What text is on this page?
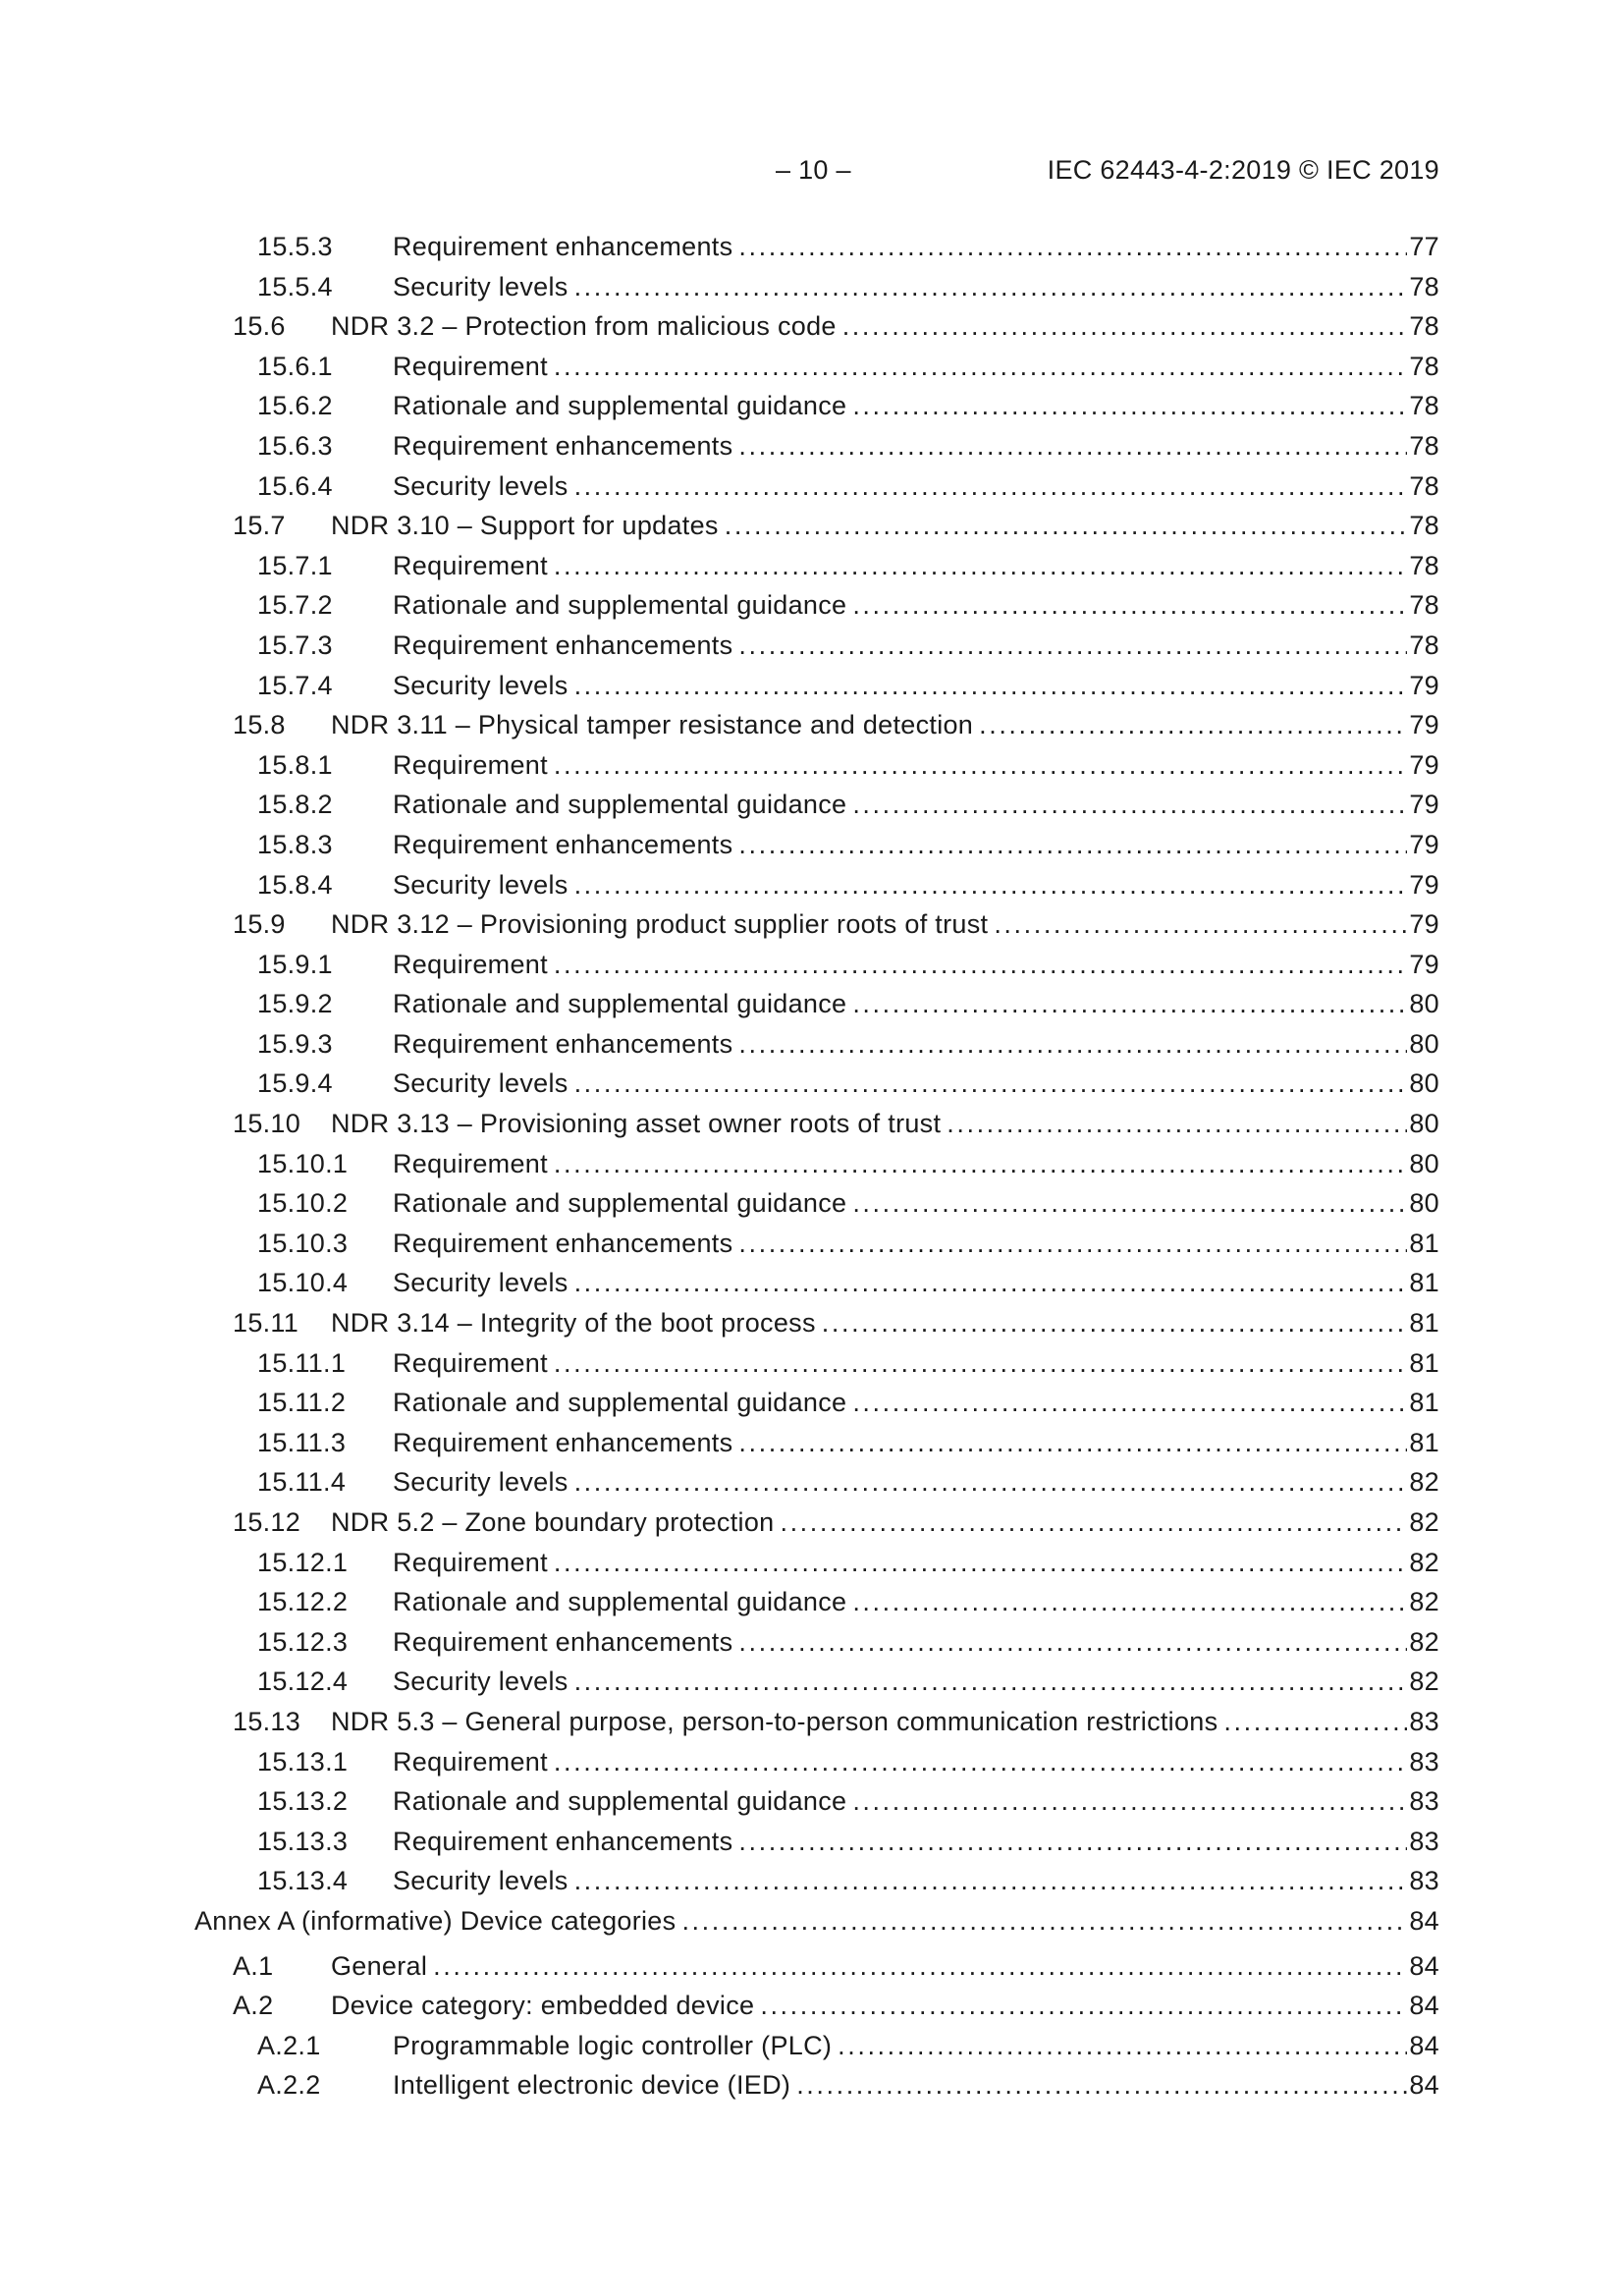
– 10 –	IEC 62443-4-2:2019 © IEC 2019
15.5.3 Requirement enhancements .....	77
15.5.4 Security levels .....	78
15.6 NDR 3.2 – Protection from malicious code .....	78
15.6.1 Requirement .....	78
15.6.2 Rationale and supplemental guidance .....	78
15.6.3 Requirement enhancements .....	78
15.6.4 Security levels .....	78
15.7 NDR 3.10 – Support for updates .....	78
15.7.1 Requirement .....	78
15.7.2 Rationale and supplemental guidance .....	78
15.7.3 Requirement enhancements .....	78
15.7.4 Security levels .....	79
15.8 NDR 3.11 – Physical tamper resistance and detection .....	79
15.8.1 Requirement .....	79
15.8.2 Rationale and supplemental guidance .....	79
15.8.3 Requirement enhancements .....	79
15.8.4 Security levels .....	79
15.9 NDR 3.12 – Provisioning product supplier roots of trust .....	79
15.9.1 Requirement .....	79
15.9.2 Rationale and supplemental guidance .....	80
15.9.3 Requirement enhancements .....	80
15.9.4 Security levels .....	80
15.10 NDR 3.13 – Provisioning asset owner roots of trust .....	80
15.10.1 Requirement .....	80
15.10.2 Rationale and supplemental guidance .....	80
15.10.3 Requirement enhancements .....	81
15.10.4 Security levels .....	81
15.11 NDR 3.14 – Integrity of the boot process .....	81
15.11.1 Requirement .....	81
15.11.2 Rationale and supplemental guidance .....	81
15.11.3 Requirement enhancements .....	81
15.11.4 Security levels .....	82
15.12 NDR 5.2 – Zone boundary protection .....	82
15.12.1 Requirement .....	82
15.12.2 Rationale and supplemental guidance .....	82
15.12.3 Requirement enhancements .....	82
15.12.4 Security levels .....	82
15.13 NDR 5.3 – General purpose, person-to-person communication restrictions .....	83
15.13.1 Requirement .....	83
15.13.2 Rationale and supplemental guidance .....	83
15.13.3 Requirement enhancements .....	83
15.13.4 Security levels .....	83
Annex A (informative) Device categories .....	84
A.1 General .....	84
A.2 Device category: embedded device .....	84
A.2.1	Programmable logic controller (PLC) .....	84
A.2.2	Intelligent electronic device (IED) .....	84
